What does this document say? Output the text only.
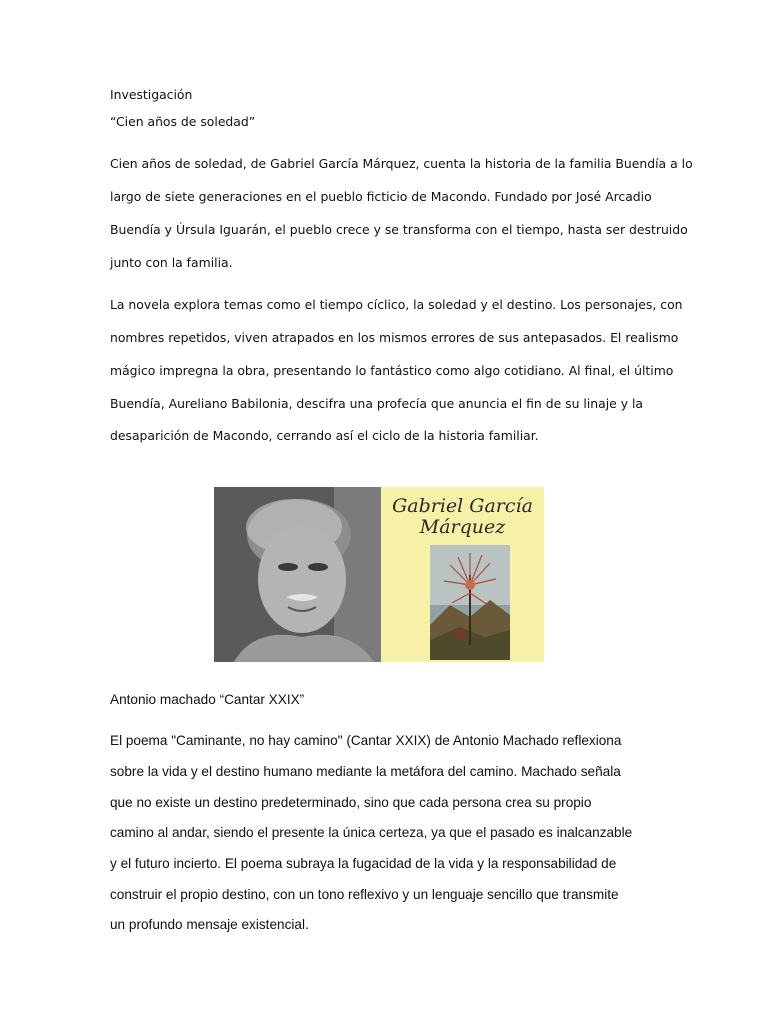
Investigación

“Cien años de soledad”

Cien años de soledad, de Gabriel García Márquez, cuenta la historia de la familia Buendía a lo

largo de siete generaciones en el pueblo ficticio de Macondo. Fundado por José Arcadio

Buendía y Úrsula Iguarán, el pueblo crece y se transforma con el tiempo, hasta ser destruido

junto con la familia.

La novela explora temas como el tiempo cíclico, la soledad y el destino. Los personajes, con

nombres repetidos, viven atrapados en los mismos errores de sus antepasados. El realismo

mágico impregna la obra, presentando lo fantástico como algo cotidiano. Al final, el último

Buendía, Aureliano Babilonia, descifra una profecía que anuncia el fin de su linaje y la

desaparición de Macondo, cerrando así el ciclo de la historia familiar.

Gabriel García
Márquez

Antonio machado “Cantar XXIX”

El poema "Caminante, no hay camino" (Cantar XXIX) de Antonio Machado reflexiona

sobre la vida y el destino humano mediante la metáfora del camino. Machado señala

que no existe un destino predeterminado, sino que cada persona crea su propio

camino al andar, siendo el presente la única certeza, ya que el pasado es inalcanzable

y el futuro incierto. El poema subraya la fugacidad de la vida y la responsabilidad de

construir el propio destino, con un tono reflexivo y un lenguaje sencillo que transmite

un profundo mensaje existencial.
